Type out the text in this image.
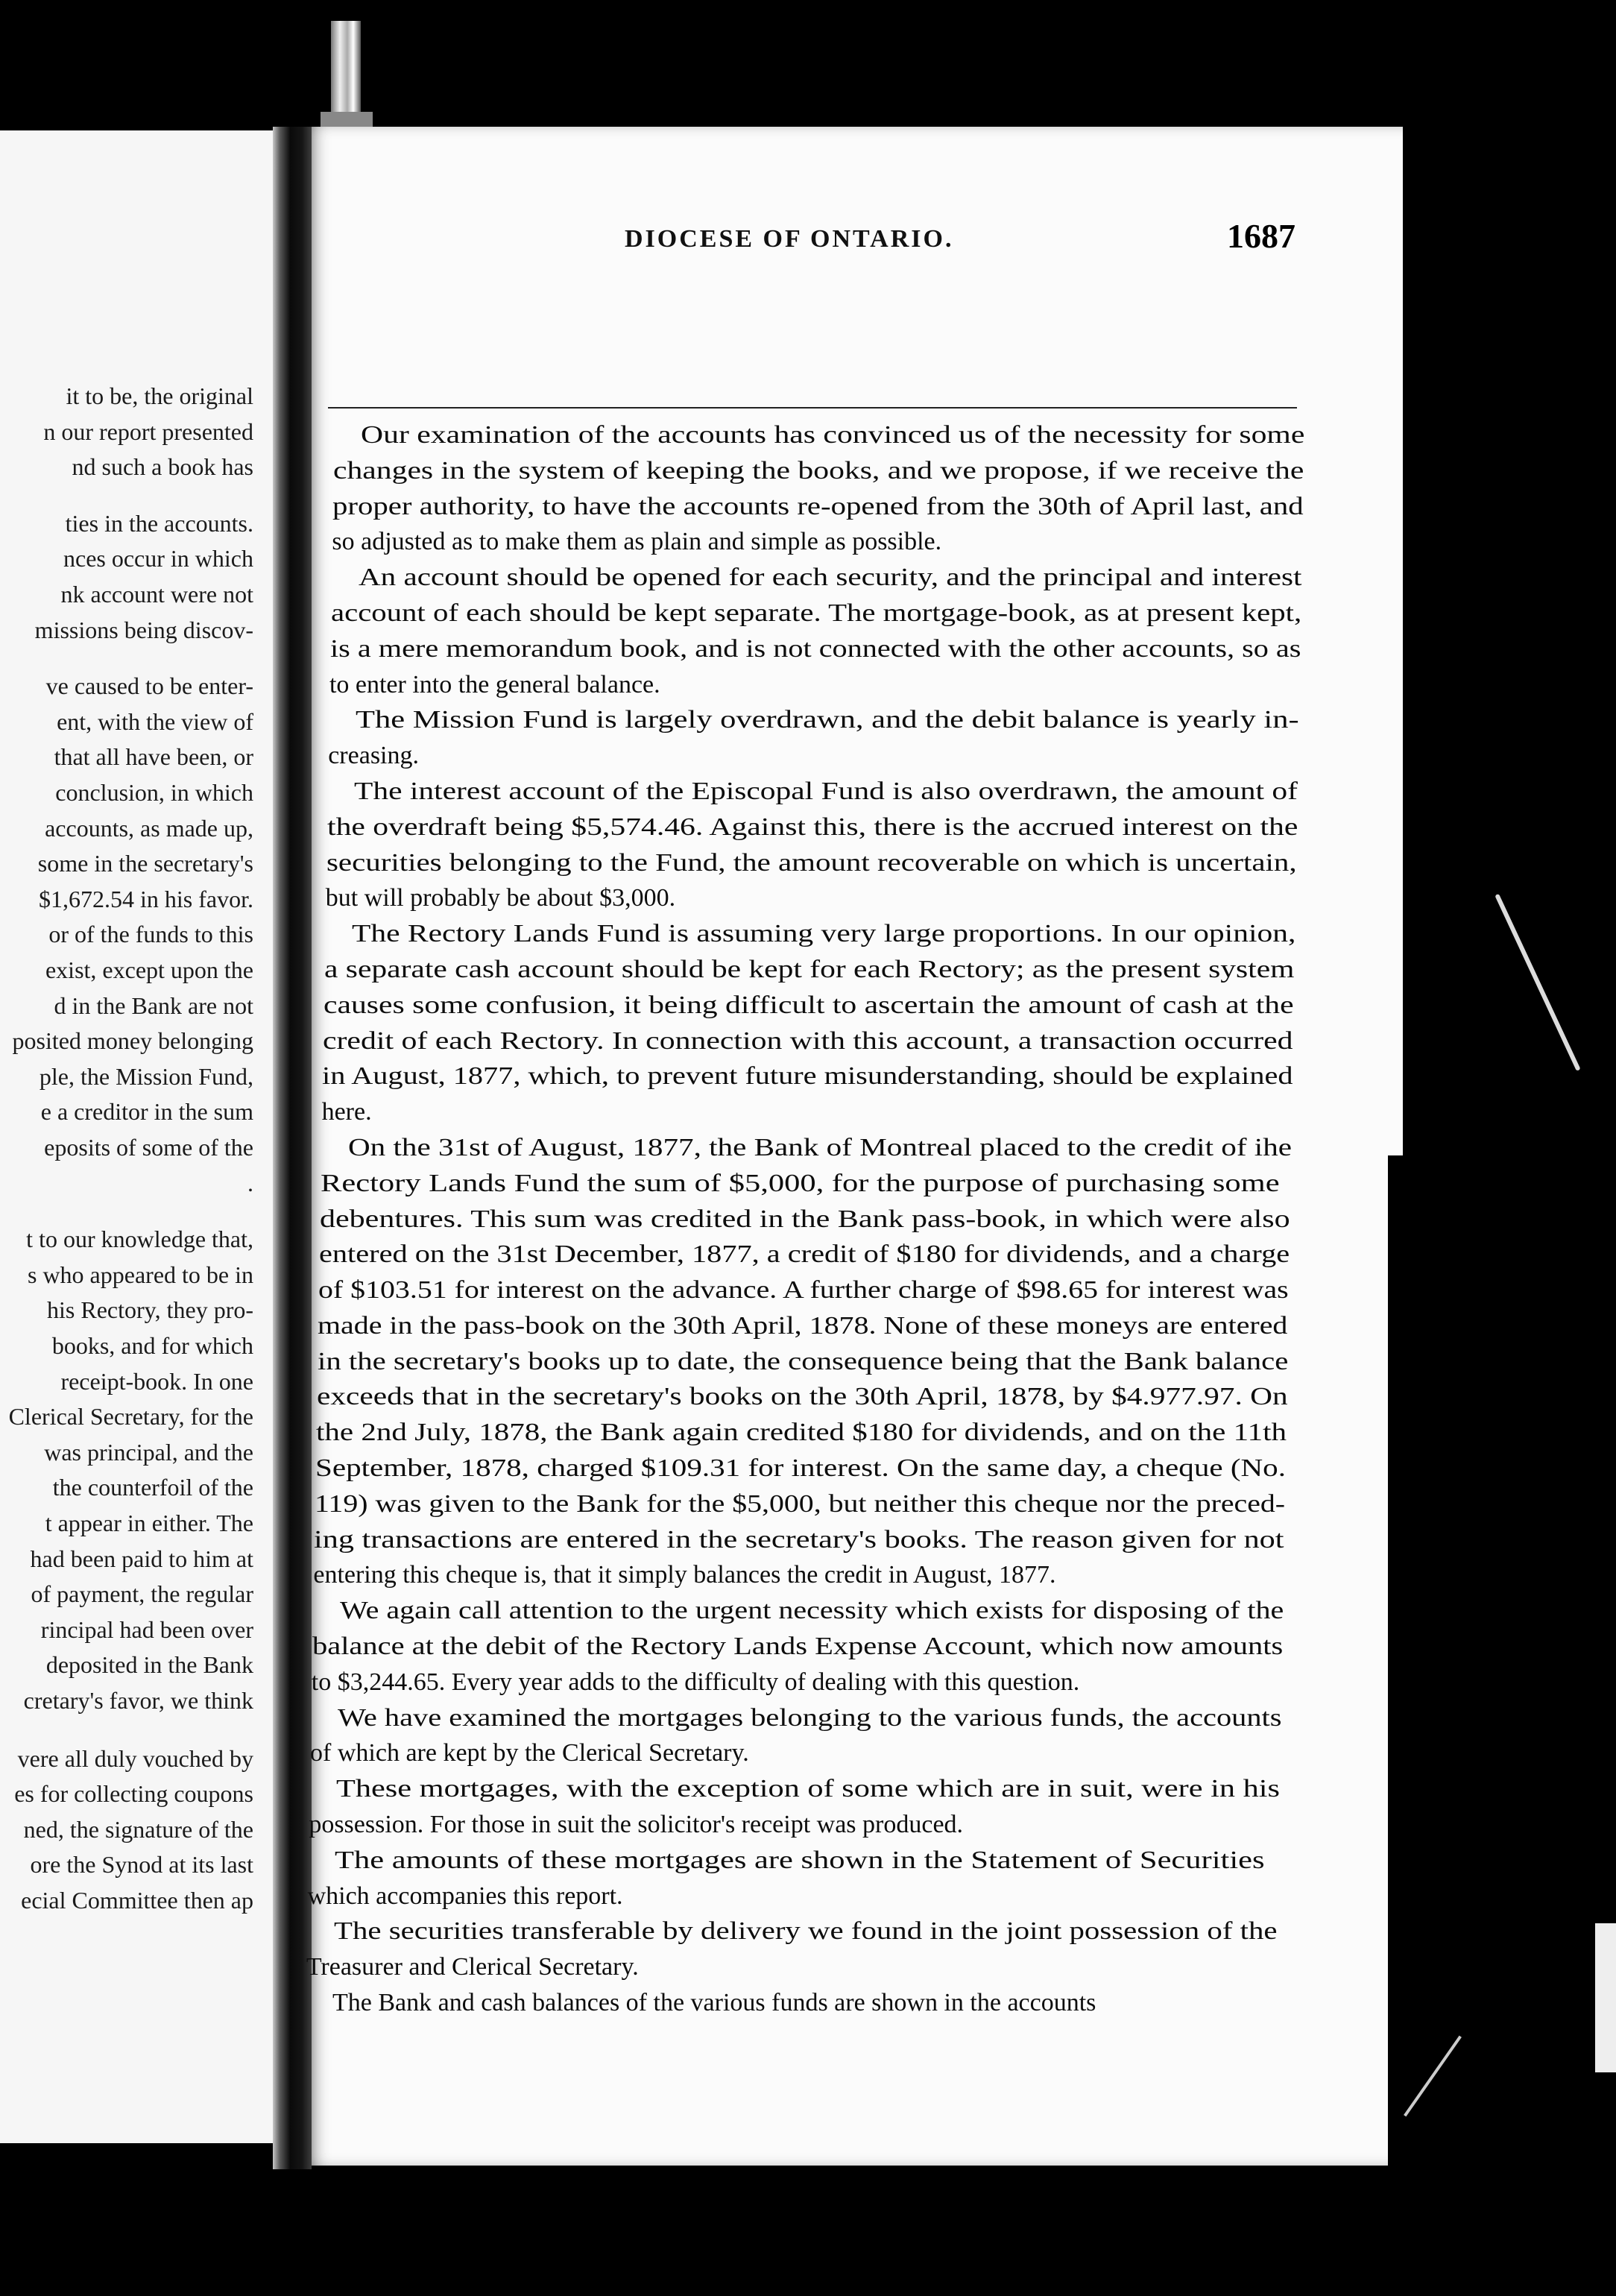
it to be, the original
n our report presented
nd such a book has
ties in the accounts.
nces occur in which
nk account were not
missions being discov-
ve caused to be enter-
ent, with the view of
that all have been, or
conclusion, in which
accounts, as made up,
some in the secretary's
$1,672.54 in his favor.
or of the funds to this
exist, except upon the
d in the Bank are not
posited money belonging
ple, the Mission Fund,
e a creditor in the sum
eposits of some of the
.
t to our knowledge that,
s who appeared to be in
his Rectory, they pro-
books, and for which
receipt-book. In one
Clerical Secretary, for the
was principal, and the
the counterfoil of the
t appear in either. The
had been paid to him at
of payment, the regular
rincipal had been over
deposited in the Bank
cretary's favor, we think
vere all duly vouched by
es for collecting coupons
ned, the signature of the
ore the Synod at its last
ecial Committee then ap
DIOCESE OF ONTARIO.	1687
Our examination of the accounts has convinced us of the necessity for some
changes in the system of keeping the books, and we propose, if we receive the
proper authority, to have the accounts re-opened from the 30th of April last, and
so adjusted as to make them as plain and simple as possible.
An account should be opened for each security, and the principal and interest
account of each should be kept separate. The mortgage-book, as at present kept,
is a mere memorandum book, and is not connected with the other accounts, so as
to enter into the general balance.
The Mission Fund is largely overdrawn, and the debit balance is yearly in-
creasing.
The interest account of the Episcopal Fund is also overdrawn, the amount of
the overdraft being $5,574.46. Against this, there is the accrued interest on the
securities belonging to the Fund, the amount recoverable on which is uncertain,
but will probably be about $3,000.
The Rectory Lands Fund is assuming very large proportions. In our opinion,
a separate cash account should be kept for each Rectory; as the present system
causes some confusion, it being difficult to ascertain the amount of cash at the
credit of each Rectory. In connection with this account, a transaction occurred
in August, 1877, which, to prevent future misunderstanding, should be explained
here.
On the 31st of August, 1877, the Bank of Montreal placed to the credit of ihe
Rectory Lands Fund the sum of $5,000, for the purpose of purchasing some
debentures. This sum was credited in the Bank pass-book, in which were also
entered on the 31st December, 1877, a credit of $180 for dividends, and a charge
of $103.51 for interest on the advance. A further charge of $98.65 for interest was
made in the pass-book on the 30th April, 1878. None of these moneys are entered
in the secretary's books up to date, the consequence being that the Bank balance
exceeds that in the secretary's books on the 30th April, 1878, by $4.977.97. On
the 2nd July, 1878, the Bank again credited $180 for dividends, and on the 11th
September, 1878, charged $109.31 for interest. On the same day, a cheque (No.
119) was given to the Bank for the $5,000, but neither this cheque nor the preced-
ing transactions are entered in the secretary's books. The reason given for not
entering this cheque is, that it simply balances the credit in August, 1877.
We again call attention to the urgent necessity which exists for disposing of the
balance at the debit of the Rectory Lands Expense Account, which now amounts
to $3,244.65. Every year adds to the difficulty of dealing with this question.
We have examined the mortgages belonging to the various funds, the accounts
of which are kept by the Clerical Secretary.
These mortgages, with the exception of some which are in suit, were in his
possession. For those in suit the solicitor's receipt was produced.
The amounts of these mortgages are shown in the Statement of Securities
which accompanies this report.
The securities transferable by delivery we found in the joint possession of the
Treasurer and Clerical Secretary.
The Bank and cash balances of the various funds are shown in the accounts
